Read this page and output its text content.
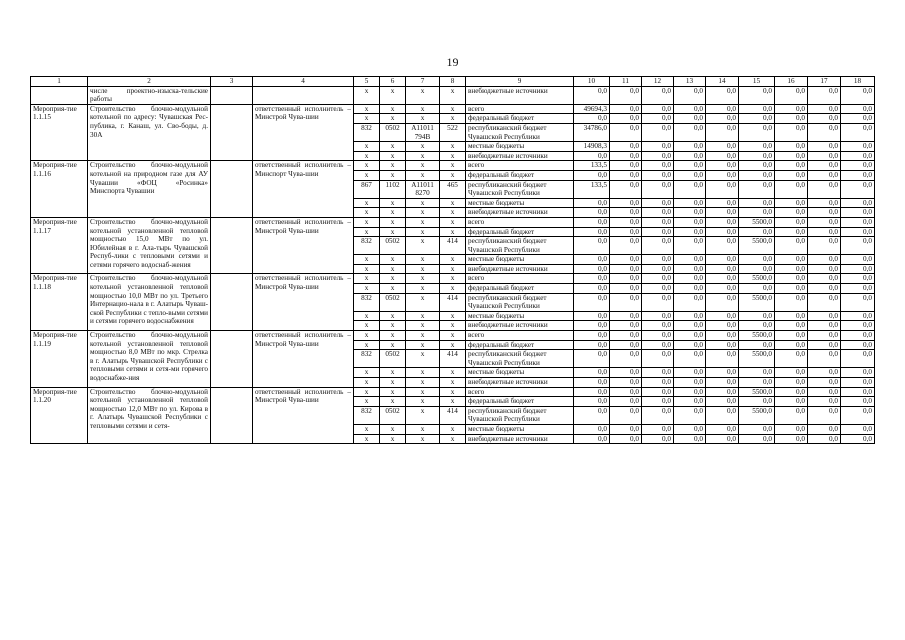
19
1	2	3	4	5	6	7	8	9	10	11	12	13	14	15	16	17	18
	числе проектно-изыска-тельские работы			х	х	х	х	внебюджетные источники	0,0	0,0	0,0	0,0	0,0	0,0	0,0	0,0	0,0
Мероприя-тие 1.1.15	Строительство блочно-модульной котельной по адресу: Чувашская Рес-публика, г. Канаш, ул. Сво-боды, д. 30А		ответственный исполнитель – Минстрой Чува-шии	х	х	х	х	всего	49694,3	0,0	0,0	0,0	0,0	0,0	0,0	0,0	0,0
				х	х	х	х	федеральный бюджет	0,0	0,0	0,0	0,0	0,0	0,0	0,0	0,0	0,0
				832	0502	А11011 794В	522	республиканский бюджет Чувашской Республики	34786,0	0,0	0,0	0,0	0,0	0,0	0,0	0,0	0,0
				х	х	х	х	местные бюджеты	14908,3	0,0	0,0	0,0	0,0	0,0	0,0	0,0	0,0
				х	х	х	х	внебюджетные источники	0,0	0,0	0,0	0,0	0,0	0,0	0,0	0,0	0,0
Мероприя-тие 1.1.16	Строительство блочно-модульной котельной на природном газе для АУ Чувашии «ФОЦ «Росинка» Минспорта Чувашии		ответственный исполнитель – Минспорт Чува-шии	х	х	х	х	всего	133,5	0,0	0,0	0,0	0,0	0,0	0,0	0,0	0,0
				х	х	х	х	федеральный бюджет	0,0	0,0	0,0	0,0	0,0	0,0	0,0	0,0	0,0
				867	1102	А11011 8270	465	республиканский бюджет Чувашской Республики	133,5	0,0	0,0	0,0	0,0	0,0	0,0	0,0	0,0
				х	х	х	х	местные бюджеты	0,0	0,0	0,0	0,0	0,0	0,0	0,0	0,0	0,0
				х	х	х	х	внебюджетные источники	0,0	0,0	0,0	0,0	0,0	0,0	0,0	0,0	0,0
Мероприя-тие 1.1.17	Строительство блочно-модульной котельной установленной тепловой мощностью 15,0 МВт по ул. Юбилейная в г. Ала-тырь Чувашской Респуб-лики с тепловыми сетями и сетями горячего водоснаб-жения		ответственный исполнитель – Минстрой Чува-шии	х	х	х	х	всего	0,0	0,0	0,0	0,0	0,0	5500,0	0,0	0,0	0,0
				х	х	х	х	федеральный бюджет	0,0	0,0	0,0	0,0	0,0	0,0	0,0	0,0	0,0
				832	0502	х	414	республиканский бюджет Чувашской Республики	0,0	0,0	0,0	0,0	0,0	5500,0	0,0	0,0	0,0
				х	х	х	х	местные бюджеты	0,0	0,0	0,0	0,0	0,0	0,0	0,0	0,0	0,0
				х	х	х	х	внебюджетные источники	0,0	0,0	0,0	0,0	0,0	0,0	0,0	0,0	0,0
Мероприя-тие 1.1.18	Строительство блочно-модульной котельной установленной тепловой мощностью 10,0 МВт по ул. Третьего Интернацио-нала в г. Алатырь Чуваш-ской Республики с тепло-выми сетями и сетями горячего водоснабжения		ответственный исполнитель – Минстрой Чува-шии	х	х	х	х	всего	0,0	0,0	0,0	0,0	0,0	5500,0	0,0	0,0	0,0
				х	х	х	х	федеральный бюджет	0,0	0,0	0,0	0,0	0,0	0,0	0,0	0,0	0,0
				832	0502	х	414	республиканский бюджет Чувашской Республики	0,0	0,0	0,0	0,0	0,0	5500,0	0,0	0,0	0,0
				х	х	х	х	местные бюджеты	0,0	0,0	0,0	0,0	0,0	0,0	0,0	0,0	0,0
				х	х	х	х	внебюджетные источники	0,0	0,0	0,0	0,0	0,0	0,0	0,0	0,0	0,0
Мероприя-тие 1.1.19	Строительство блочно-модульной котельной установленной тепловой мощностью 8,0 МВт по мкр. Стрелка в г. Алатырь Чувашской Республики с тепловыми сетями и сетя-ми горячего водоснабже-ния		ответственный исполнитель – Минстрой Чува-шии	х	х	х	х	всего	0,0	0,0	0,0	0,0	0,0	5500,0	0,0	0,0	0,0
				х	х	х	х	федеральный бюджет	0,0	0,0	0,0	0,0	0,0	0,0	0,0	0,0	0,0
				832	0502	х	414	республиканский бюджет Чувашской Республики	0,0	0,0	0,0	0,0	0,0	5500,0	0,0	0,0	0,0
				х	х	х	х	местные бюджеты	0,0	0,0	0,0	0,0	0,0	0,0	0,0	0,0	0,0
				х	х	х	х	внебюджетные источники	0,0	0,0	0,0	0,0	0,0	0,0	0,0	0,0	0,0
Мероприя-тие 1.1.20	Строительство блочно-модульной котельной установленной тепловой мощностью 12,0 МВт по ул. Кирова в г. Алатырь Чувашской Республики с тепловыми сетями и сетя-		ответственный исполнитель – Минстрой Чува-шии	х	х	х	х	всего	0,0	0,0	0,0	0,0	0,0	5500,0	0,0	0,0	0,0
				х	х	х	х	федеральный бюджет	0,0	0,0	0,0	0,0	0,0	0,0	0,0	0,0	0,0
				832	0502	х	414	республиканский бюджет Чувашской Республики	0,0	0,0	0,0	0,0	0,0	5500,0	0,0	0,0	0,0
				х	х	х	х	местные бюджеты	0,0	0,0	0,0	0,0	0,0	0,0	0,0	0,0	0,0
				х	х	х	х	внебюджетные источники	0,0	0,0	0,0	0,0	0,0	0,0	0,0	0,0	0,0
